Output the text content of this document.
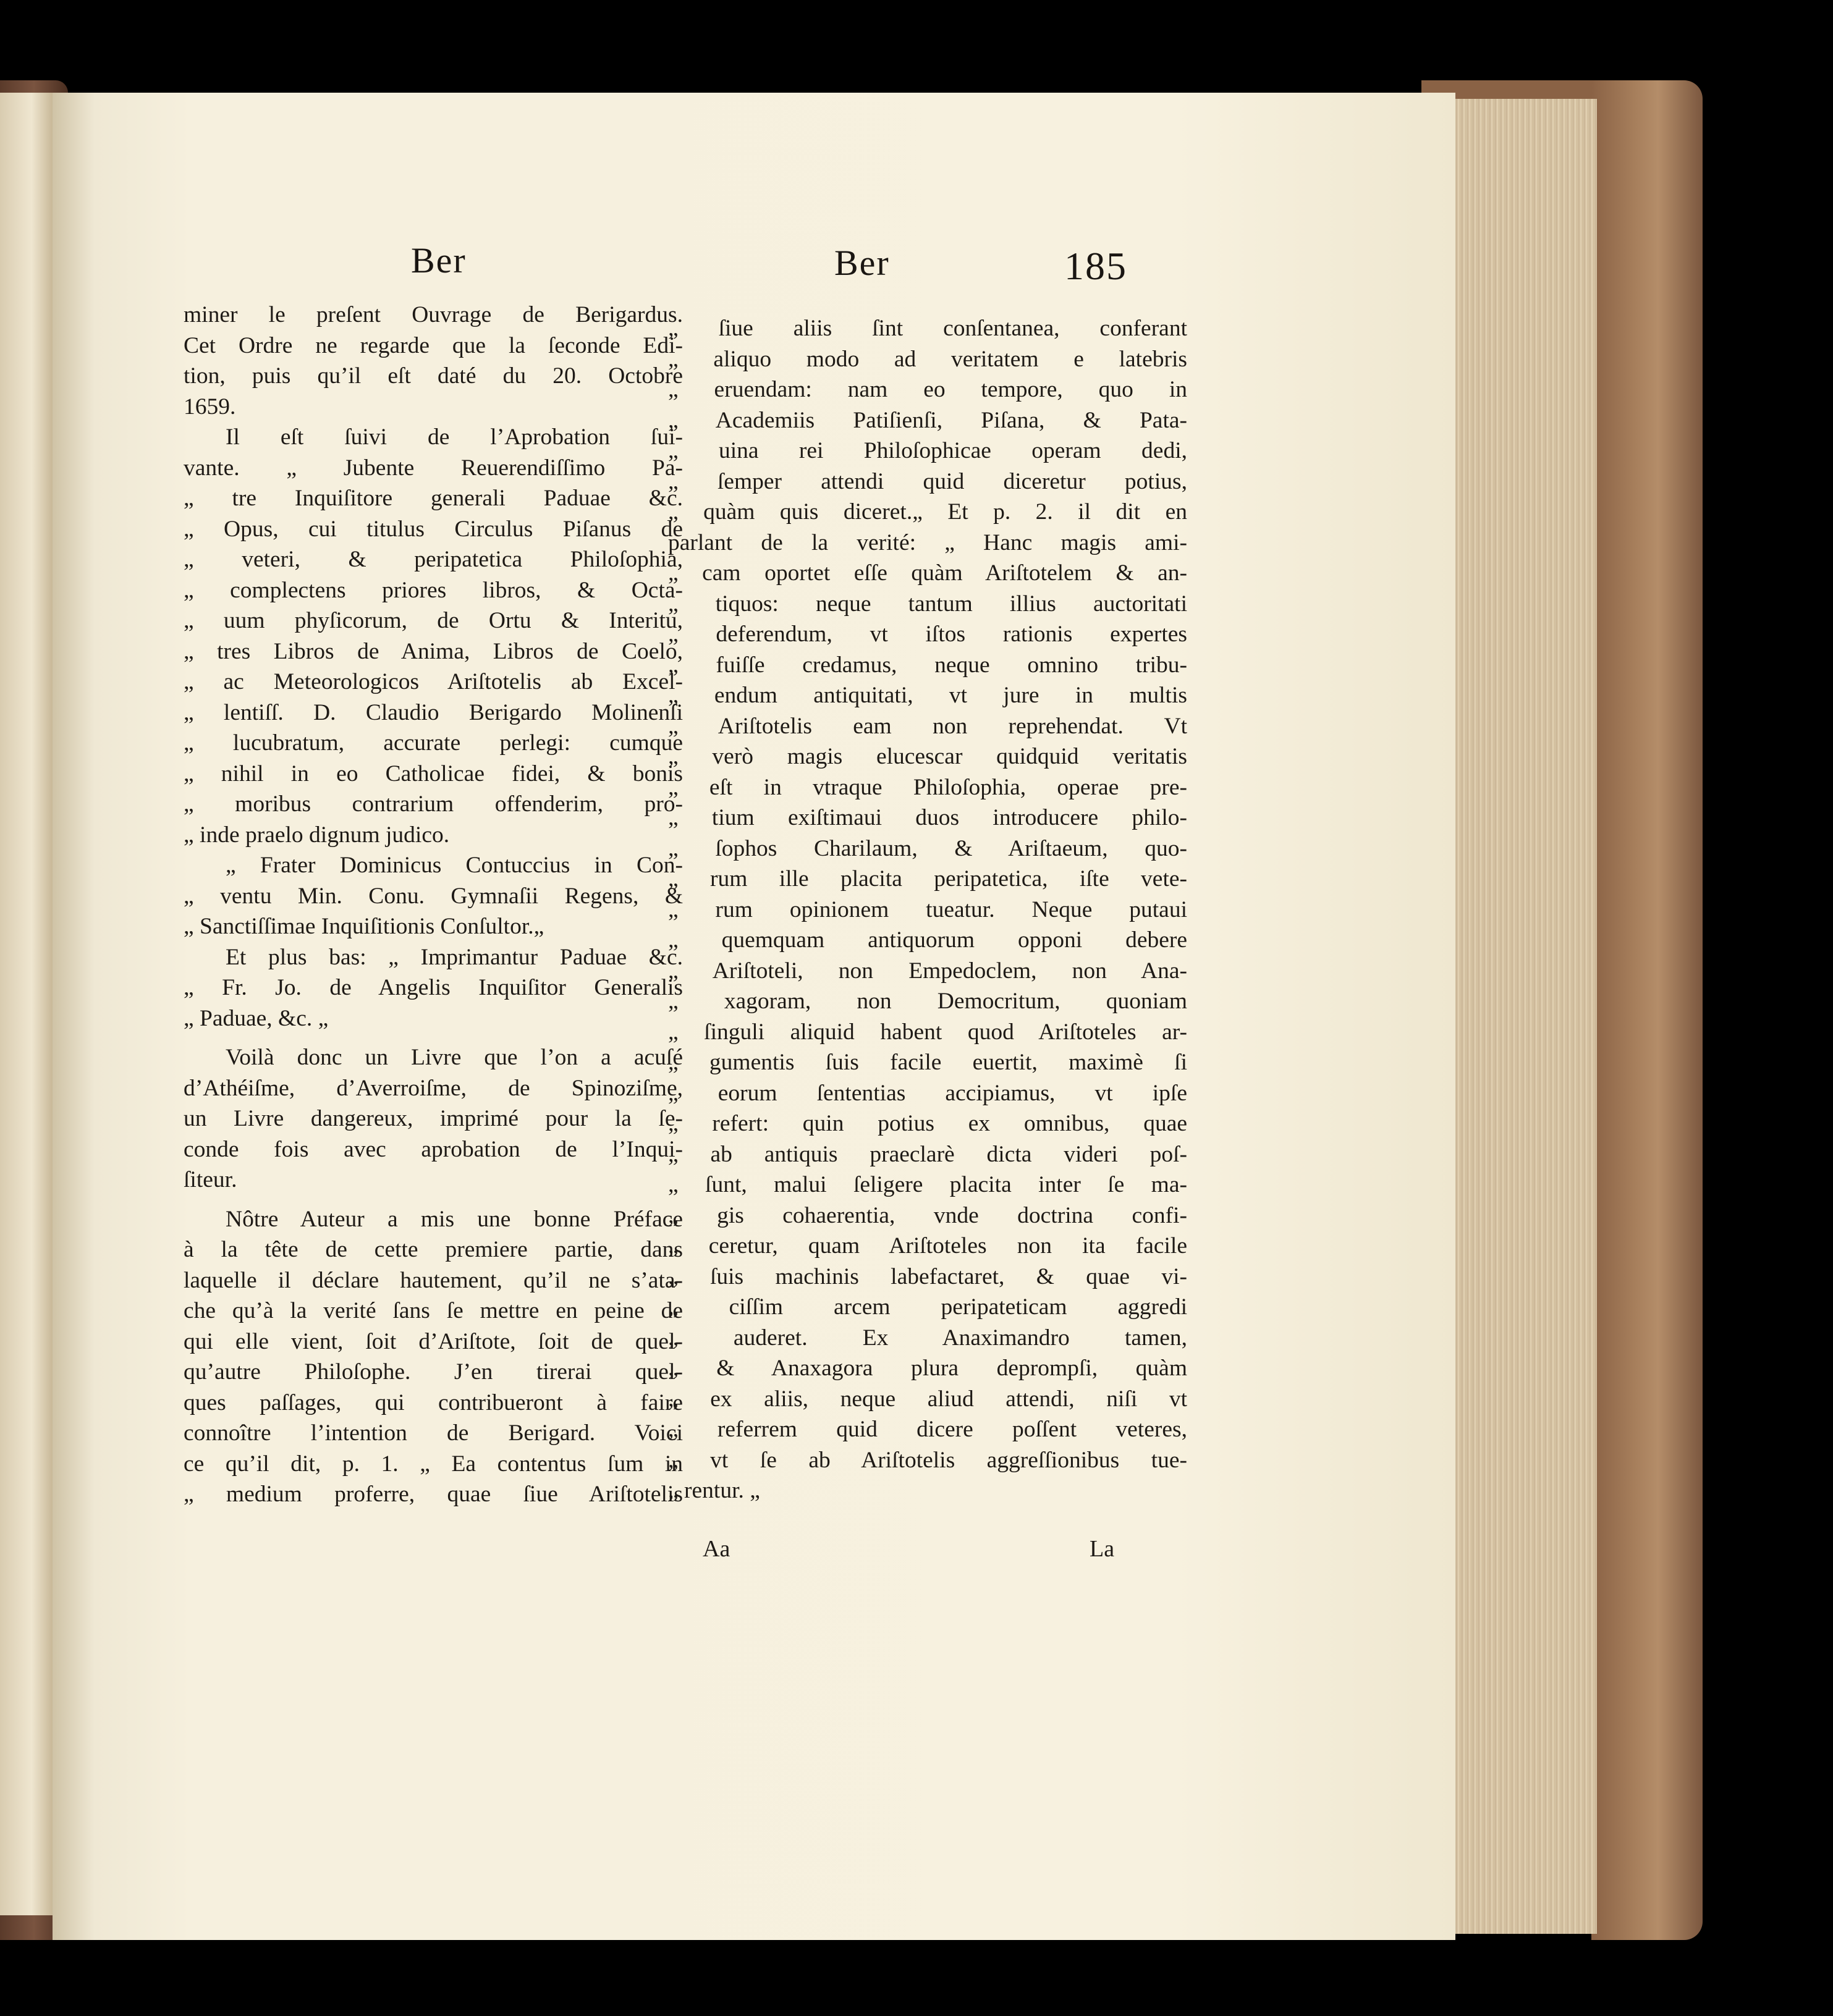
Ber	Ber	185
miner le preſent Ouvrage de Berigardus.
Cet Ordre ne regarde que la ſeconde Edi-
tion, puis qu’il eſt daté du 20. Octobre
1659.
Il eſt ſuivi de l’Aprobation ſui-
vante. „ Jubente Reuerendiſſimo Pa-
„ tre Inquiſitore generali Paduae &c.
„ Opus, cui titulus Circulus Piſanus de
„ veteri, & peripatetica Philoſophia,
„ complectens priores libros, & Octa-
„ uum phyſicorum, de Ortu & Interitu,
„ tres Libros de Anima, Libros de Coelo,
„ ac Meteorologicos Ariſtotelis ab Excel-
„ lentiſſ. D. Claudio Berigardo Molinenſi
„ lucubratum, accurate perlegi: cumque
„ nihil in eo Catholicae fidei, & bonis
„ moribus contrarium offenderim, pro-
„ inde praelo dignum judico.
„ Frater Dominicus Contuccius in Con-
„ ventu Min. Conu. Gymnaſii Regens, &
„ Sanctiſſimae Inquiſitionis Conſultor.„
Et plus bas: „ Imprimantur Paduae &c.
„ Fr. Jo. de Angelis Inquiſitor Generalis
„ Paduae, &c. „
Voilà donc un Livre que l’on a acuſé
d’Athéiſme, d’Averroiſme, de Spinoziſme,
un Livre dangereux, imprimé pour la ſe-
conde fois avec aprobation de l’Inqui-
ſiteur.
Nôtre Auteur a mis une bonne Préface
à la tête de cette premiere partie, dans
laquelle il déclare hautement, qu’il ne s’ata-
che qu’à la verité ſans ſe mettre en peine de
qui elle vient, ſoit d’Ariſtote, ſoit de quel-
qu’autre Philoſophe. J’en tirerai quel-
ques paſſages, qui contribueront à faire
connoître l’intention de Berigard. Voici
ce qu’il dit, p. 1. „ Ea contentus ſum in
„ medium proferre, quae ſiue Ariſtotelis
„ ſiue aliis ſint conſentanea, conferant
„ aliquo modo ad veritatem e latebris
„ eruendam: nam eo tempore, quo in
„ Academiis Patiſienſi, Piſana, & Pata-
„ uina rei Philoſophicae operam dedi,
„ ſemper attendi quid diceretur potius,
„ quàm quis diceret.„ Et p. 2. il dit en
parlant de la verité: „ Hanc magis ami-
„ cam oportet eſſe quàm Ariſtotelem & an-
„ tiquos: neque tantum illius auctoritati
„ deferendum, vt iſtos rationis expertes
„ fuiſſe credamus, neque omnino tribu-
„ endum antiquitati, vt jure in multis
„ Ariſtotelis eam non reprehendat. Vt
„ verò magis elucescar quidquid veritatis
„ eſt in vtraque Philoſophia, operae pre-
„ tium exiſtimaui duos introducere philo-
„ ſophos Charilaum, & Ariſtaeum, quo-
„ rum ille placita peripatetica, iſte vete-
„ rum opinionem tueatur. Neque putaui
„ quemquam antiquorum opponi debere
„ Ariſtoteli, non Empedoclem, non Ana-
„ xagoram, non Democritum, quoniam
„ ſinguli aliquid habent quod Ariſtoteles ar-
„ gumentis ſuis facile euertit, maximè ſi
„ eorum ſententias accipiamus, vt ipſe
„ refert: quin potius ex omnibus, quae
„ ab antiquis praeclarè dicta videri poſ-
„ ſunt, malui ſeligere placita inter ſe ma-
„ gis cohaerentia, vnde doctrina confi-
„ ceretur, quam Ariſtoteles non ita facile
„ ſuis machinis labefactaret, & quae vi-
„ ciſſim arcem peripateticam aggredi
„ auderet. Ex Anaximandro tamen,
„ & Anaxagora plura deprompſi, quàm
„ ex aliis, neque aliud attendi, niſi vt
„ referrem quid dicere poſſent veteres,
„ vt ſe ab Ariſtotelis aggreſſionibus tue-
„ rentur. „
Aa	La
